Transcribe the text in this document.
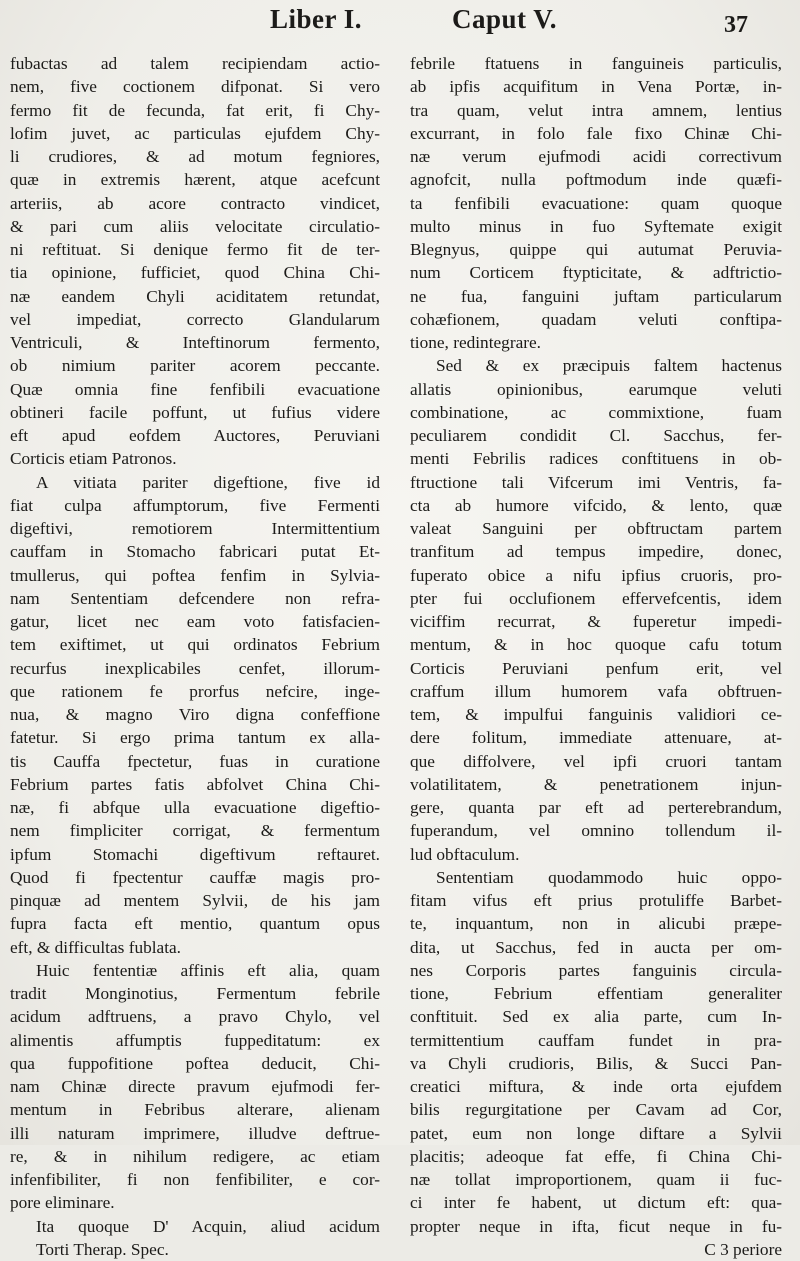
Liber I.	Caput V.	37
fubactas ad talem recipiendam actio-
nem, five coctionem difponat. Si vero
fermo fit de fecunda, fat erit, fi Chy-
lofim juvet, ac particulas ejufdem Chy-
li crudiores, & ad motum fegniores,
quæ in extremis hærent, atque acefcunt
arteriis, ab acore contracto vindicet,
& pari cum aliis velocitate circulatio-
ni reftituat. Si denique fermo fit de ter-
tia opinione, fufficiet, quod China Chi-
næ eandem Chyli aciditatem retundat,
vel impediat, correcto Glandularum
Ventriculi, & Inteftinorum fermento,
ob nimium pariter acorem peccante.
Quæ omnia fine fenfibili evacuatione
obtineri facile poffunt, ut fufius videre
eft apud eofdem Auctores, Peruviani
Corticis etiam Patronos.
A vitiata pariter digeftione, five id
fiat culpa affumptorum, five Fermenti
digeftivi, remotiorem Intermittentium
cauffam in Stomacho fabricari putat Et-
tmullerus, qui poftea fenfim in Sylvia-
nam Sententiam defcendere non refra-
gatur, licet nec eam voto fatisfacien-
tem exiftimet, ut qui ordinatos Febrium
recurfus inexplicabiles cenfet, illorum-
que rationem fe prorfus nefcire, inge-
nua, & magno Viro digna confeffione
fatetur. Si ergo prima tantum ex alla-
tis Cauffa fpectetur, fuas in curatione
Febrium partes fatis abfolvet China Chi-
næ, fi abfque ulla evacuatione digeftio-
nem fimpliciter corrigat, & fermentum
ipfum Stomachi digeftivum reftauret.
Quod fi fpectentur cauffæ magis pro-
pinquæ ad mentem Sylvii, de his jam
fupra facta eft mentio, quantum opus
eft, & difficultas fublata.
Huic fententiæ affinis eft alia, quam
tradit Monginotius, Fermentum febrile
acidum adftruens, a pravo Chylo, vel
alimentis affumptis fuppeditatum: ex
qua fuppofitione poftea deducit, Chi-
nam Chinæ directe pravum ejufmodi fer-
mentum in Febribus alterare, alienam
illi naturam imprimere, illudve deftrue-
re, & in nihilum redigere, ac etiam
infenfibiliter, fi non fenfibiliter, e cor-
pore eliminare.
Ita quoque D' Acquin, aliud acidum
Torti Therap. Spec.
febrile ftatuens in fanguineis particulis,
ab ipfis acquifitum in Vena Portæ, in-
tra quam, velut intra amnem, lentius
excurrant, in folo fale fixo Chinæ Chi-
næ verum ejufmodi acidi correctivum
agnofcit, nulla poftmodum inde quæfi-
ta fenfibili evacuatione: quam quoque
multo minus in fuo Syftemate exigit
Blegnyus, quippe qui autumat Peruvia-
num Corticem ftypticitate, & adftrictio-
ne fua, fanguini juftam particularum
cohæfionem, quadam veluti conftipa-
tione, redintegrare.
Sed & ex præcipuis faltem hactenus
allatis opinionibus, earumque veluti
combinatione, ac commixtione, fuam
peculiarem condidit Cl. Sacchus, fer-
menti Febrilis radices conftituens in ob-
ftructione tali Vifcerum imi Ventris, fa-
cta ab humore vifcido, & lento, quæ
valeat Sanguini per obftructam partem
tranfitum ad tempus impedire, donec,
fuperato obice a nifu ipfius cruoris, pro-
pter fui occlufionem effervefcentis, idem
viciffim recurrat, & fuperetur impedi-
mentum, & in hoc quoque cafu totum
Corticis Peruviani penfum erit, vel
craffum illum humorem vafa obftruen-
tem, & impulfui fanguinis validiori ce-
dere folitum, immediate attenuare, at-
que diffolvere, vel ipfi cruori tantam
volatilitatem, & penetrationem injun-
gere, quanta par eft ad perterebrandum,
fuperandum, vel omnino tollendum il-
lud obftaculum.
Sententiam quodammodo huic oppo-
fitam vifus eft prius protuliffe Barbet-
te, inquantum, non in alicubi præpe-
dita, ut Sacchus, fed in aucta per om-
nes Corporis partes fanguinis circula-
tione, Febrium effentiam generaliter
conftituit. Sed ex alia parte, cum In-
termittentium cauffam fundet in pra-
va Chyli crudioris, Bilis, & Succi Pan-
creatici miftura, & inde orta ejufdem
bilis regurgitatione per Cavam ad Cor,
patet, eum non longe diftare a Sylvii
placitis; adeoque fat effe, fi China Chi-
næ tollat improportionem, quam ii fuc-
ci inter fe habent, ut dictum eft: qua-
propter neque in ifta, ficut neque in fu-
C 3 periore
